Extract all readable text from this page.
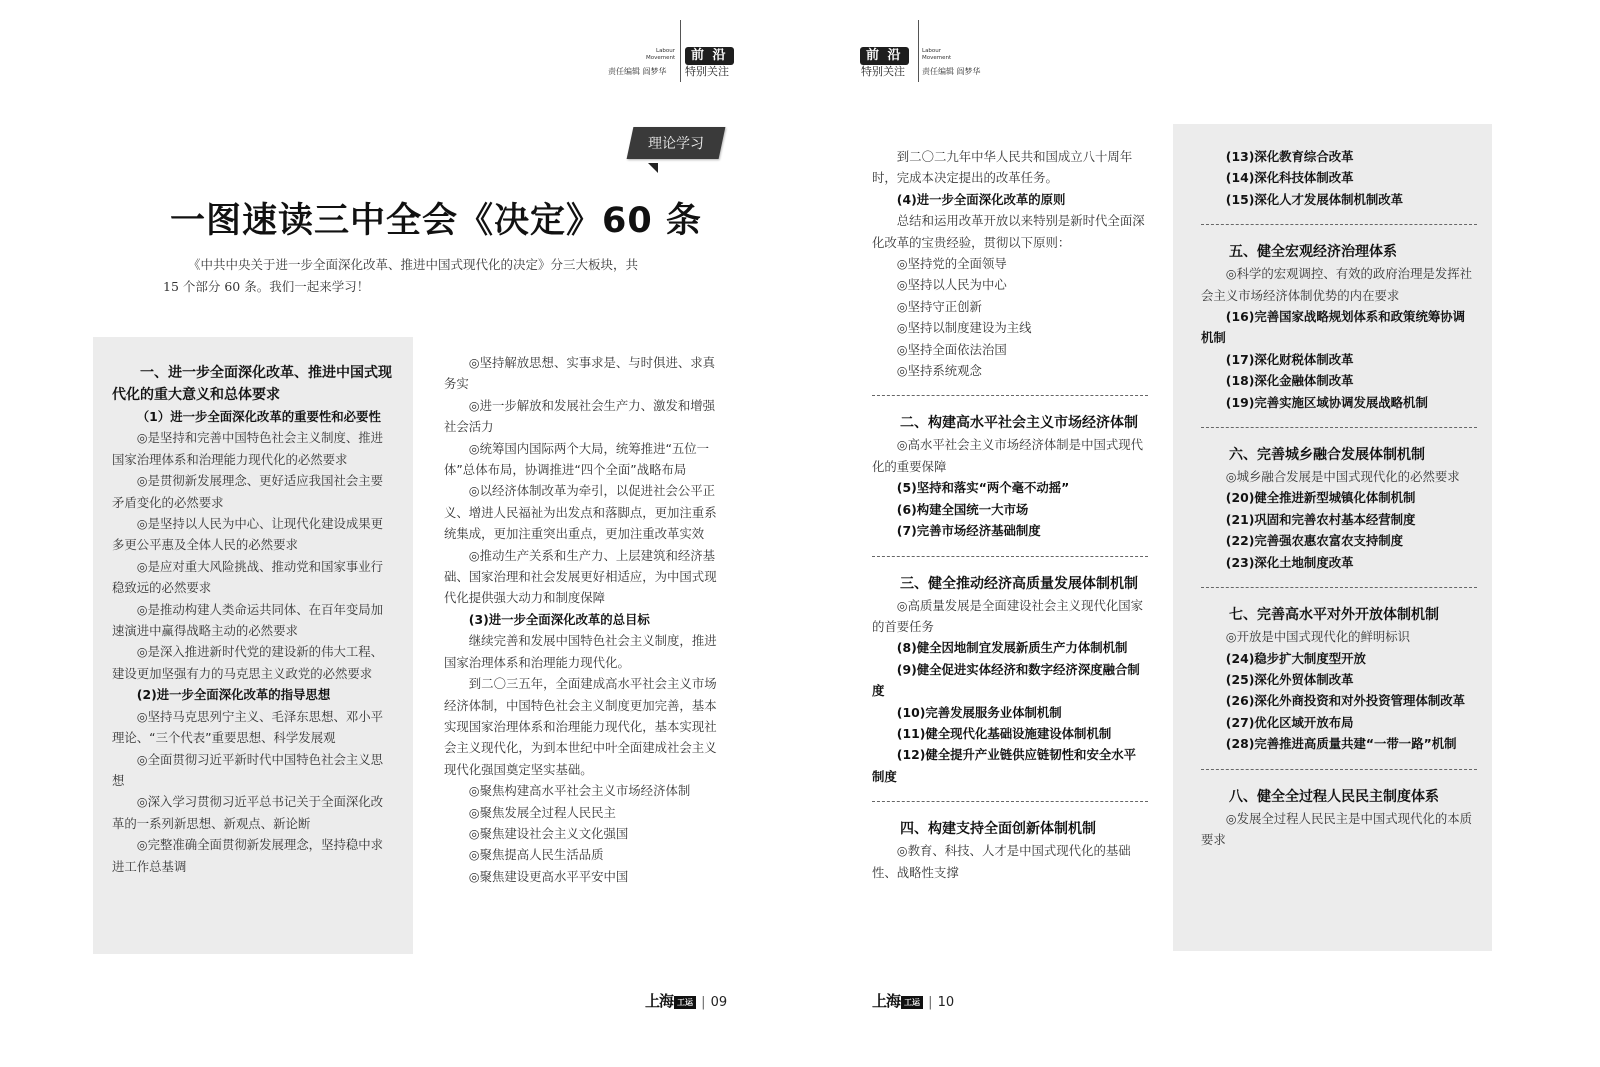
Labour
Movement
责任编辑 阎梦华
前 沿
特别关注
前 沿
特别关注
Labour
Movement
责任编辑 阎梦华
理论学习
一图速读三中全会《决定》60 条
《中共中央关于进一步全面深化改革、推进中国式现代化的决定》分三大板块，共
15 个部分 60 条。我们一起来学习！

一、进一步全面深化改革、推进中国式现代化的重大意义和总体要求

（1）进一步全面深化改革的重要性和必要性

◎是坚持和完善中国特色社会主义制度、推进国家治理体系和治理能力现代化的必然要求

◎是贯彻新发展理念、更好适应我国社会主要矛盾变化的必然要求

◎是坚持以人民为中心、让现代化建设成果更多更公平惠及全体人民的必然要求

◎是应对重大风险挑战、推动党和国家事业行稳致远的必然要求

◎是推动构建人类命运共同体、在百年变局加速演进中赢得战略主动的必然要求

◎是深入推进新时代党的建设新的伟大工程、建设更加坚强有力的马克思主义政党的必然要求

(2)进一步全面深化改革的指导思想

◎坚持马克思列宁主义、毛泽东思想、邓小平理论、“三个代表”重要思想、科学发展观

◎全面贯彻习近平新时代中国特色社会主义思想

◎深入学习贯彻习近平总书记关于全面深化改革的一系列新思想、新观点、新论断

◎完整准确全面贯彻新发展理念，坚持稳中求进工作总基调

◎坚持解放思想、实事求是、与时俱进、求真务实

◎进一步解放和发展社会生产力、激发和增强社会活力

◎统筹国内国际两个大局，统筹推进“五位一体”总体布局，协调推进“四个全面”战略布局

◎以经济体制改革为牵引，以促进社会公平正义、增进人民福祉为出发点和落脚点，更加注重系统集成，更加注重突出重点，更加注重改革实效

◎推动生产关系和生产力、上层建筑和经济基础、国家治理和社会发展更好相适应，为中国式现代化提供强大动力和制度保障

(3)进一步全面深化改革的总目标

继续完善和发展中国特色社会主义制度，推进国家治理体系和治理能力现代化。

到二〇三五年，全面建成高水平社会主义市场经济体制，中国特色社会主义制度更加完善，基本实现国家治理体系和治理能力现代化，基本实现社会主义现代化，为到本世纪中叶全面建成社会主义现代化强国奠定坚实基础。

◎聚焦构建高水平社会主义市场经济体制

◎聚焦发展全过程人民民主

◎聚焦建设社会主义文化强国

◎聚焦提高人民生活品质

◎聚焦建设更高水平平安中国

到二〇二九年中华人民共和国成立八十周年时，完成本决定提出的改革任务。

(4)进一步全面深化改革的原则

总结和运用改革开放以来特别是新时代全面深化改革的宝贵经验，贯彻以下原则：

◎坚持党的全面领导

◎坚持以人民为中心

◎坚持守正创新

◎坚持以制度建设为主线

◎坚持全面依法治国

◎坚持系统观念

二、构建高水平社会主义市场经济体制

◎高水平社会主义市场经济体制是中国式现代化的重要保障

(5)坚持和落实“两个毫不动摇”

(6)构建全国统一大市场

(7)完善市场经济基础制度

三、健全推动经济高质量发展体制机制

◎高质量发展是全面建设社会主义现代化国家的首要任务

(8)健全因地制宜发展新质生产力体制机制

(9)健全促进实体经济和数字经济深度融合制度

(10)完善发展服务业体制机制

(11)健全现代化基础设施建设体制机制

(12)健全提升产业链供应链韧性和安全水平制度

四、构建支持全面创新体制机制

◎教育、科技、人才是中国式现代化的基础性、战略性支撑

(13)深化教育综合改革

(14)深化科技体制改革

(15)深化人才发展体制机制改革

五、健全宏观经济治理体系

◎科学的宏观调控、有效的政府治理是发挥社会主义市场经济体制优势的内在要求

(16)完善国家战略规划体系和政策统筹协调机制

(17)深化财税体制改革

(18)深化金融体制改革

(19)完善实施区域协调发展战略机制

六、完善城乡融合发展体制机制

◎城乡融合发展是中国式现代化的必然要求

(20)健全推进新型城镇化体制机制

(21)巩固和完善农村基本经营制度

(22)完善强农惠农富农支持制度

(23)深化土地制度改革

七、完善高水平对外开放体制机制

◎开放是中国式现代化的鲜明标识

(24)稳步扩大制度型开放

(25)深化外贸体制改革

(26)深化外商投资和对外投资管理体制改革

(27)优化区域开放布局

(28)完善推进高质量共建“一带一路”机制

八、健全全过程人民民主制度体系

◎发展全过程人民民主是中国式现代化的本质要求

上海 工运 | 09	上海 工运 | 10
